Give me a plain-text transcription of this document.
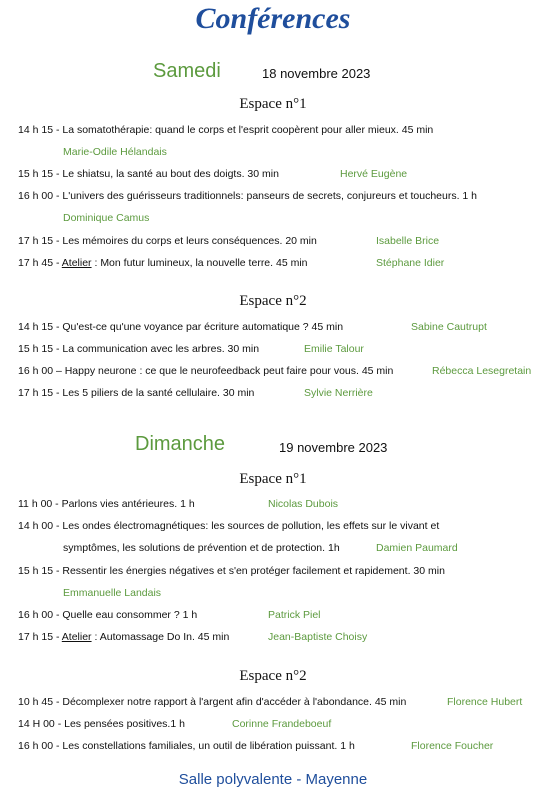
Conférences
Samedi	18 novembre 2023
Espace n°1
14 h 15 - La somatothérapie: quand le corps et l'esprit coopèrent pour aller mieux. 45 min
Marie-Odile Hélandais
15 h 15 - Le shiatsu, la santé au bout des doigts. 30 min	Hervé Eugène
16 h 00 - L'univers des guérisseurs traditionnels: panseurs de secrets, conjureurs et toucheurs. 1 h
Dominique Camus
17 h 15 - Les mémoires du corps et leurs conséquences. 20 min	Isabelle Brice
17 h 45 - Atelier : Mon futur lumineux, la nouvelle terre. 45 min	Stéphane Idier
Espace n°2
14 h 15 - Qu'est-ce qu'une voyance par écriture automatique ? 45 min	Sabine Cautrupt
15 h 15 - La communication avec les arbres. 30 min	Emilie Talour
16 h 00 – Happy neurone : ce que le neurofeedback peut faire pour vous. 45 min	Rébecca Lesegretain
17 h 15 - Les 5 piliers de la santé cellulaire. 30 min	Sylvie Nerrière
Dimanche	19 novembre 2023
Espace n°1
11 h 00 - Parlons vies antérieures. 1 h	Nicolas Dubois
14 h 00 - Les ondes électromagnétiques: les sources de pollution, les effets sur le vivant et
symptômes, les solutions de prévention et de protection. 1h	Damien Paumard
15 h 15 - Ressentir les énergies négatives et s'en protéger facilement et rapidement. 30 min
Emmanuelle Landais
16 h 00 - Quelle eau consommer ? 1 h	Patrick Piel
17 h 15 - Atelier : Automassage Do In. 45 min	Jean-Baptiste Choisy
Espace n°2
10 h 45 - Décomplexer notre rapport à l'argent afin d'accéder à l'abondance. 45 min	Florence Hubert
14 H 00 - Les pensées positives.1 h	Corinne Frandeboeuf
16 h 00 - Les constellations familiales, un outil de libération puissant. 1 h	Florence Foucher
Salle polyvalente - Mayenne
